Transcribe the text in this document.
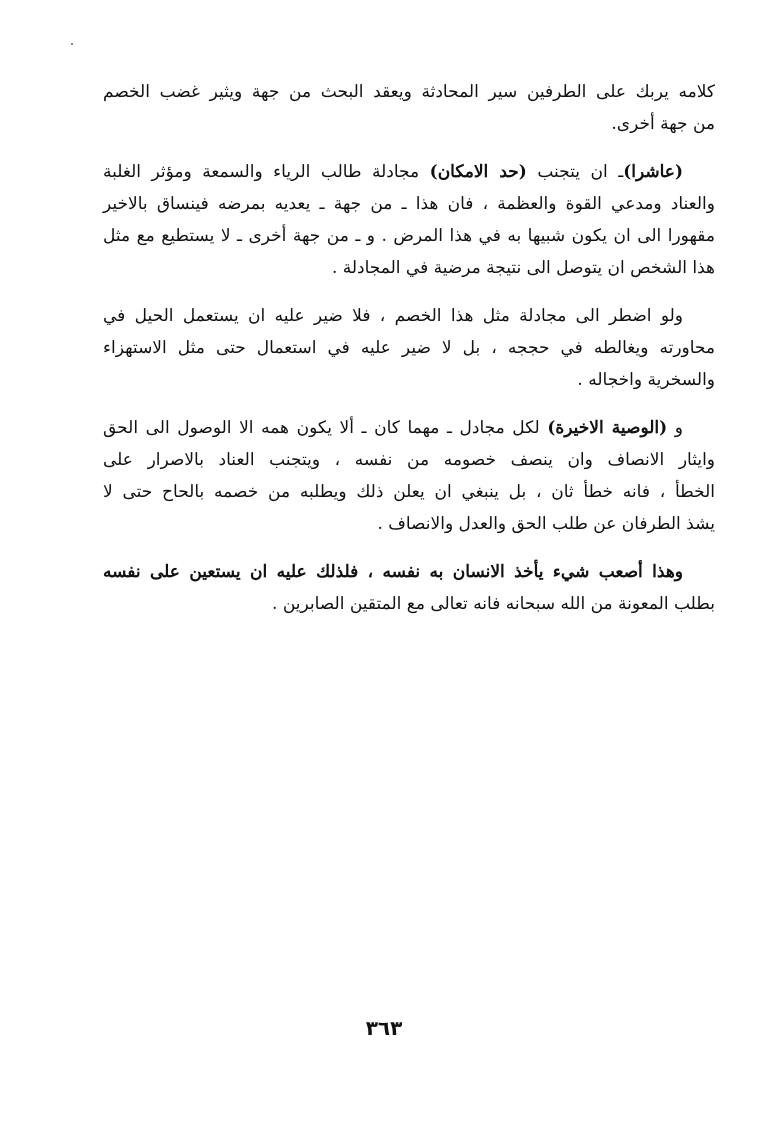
كلامه يربك على الطرفين سير المحادثة ويعقد البحث من جهة ويثير غضب الخصم
من جهة أخرى.

(عاشرا)ـ ان يتجنب (حد الامكان) مجادلة طالب الرياء والسمعة ومؤثر الغلبة
والعناد ومدعي القوة والعظمة ، فان هذا ـ من جهة ـ يعديه بمرضه فينساق بالاخير
مقهورا الى ان يكون شبيها به في هذا المرض . و ـ من جهة أخرى ـ لا يستطيع مع مثل
هذا الشخص ان يتوصل الى نتيجة مرضية في المجادلة .

ولو اضطر الى مجادلة مثل هذا الخصم ، فلا ضير عليه ان يستعمل الحيل في
محاورته ويغالطه في حججه ، بل لا ضير عليه في استعمال حتى مثل الاستهزاء
والسخرية واخجاله .

و (الوصية الاخيرة) لكل مجادل ـ مهما كان ـ ألا يكون همه الا الوصول الى الحق
وايثار الانصاف وان ينصف خصومه من نفسه ، ويتجنب العناد بالاصرار على
الخطأ ، فانه خطأ ثان ، بل ينبغي ان يعلن ذلك ويطلبه من خصمه بالحاح حتى لا
يشذ الطرفان عن طلب الحق والعدل والانصاف .

وهذا أصعب شيء يأخذ الانسان به نفسه ، فلذلك عليه ان يستعين على نفسه
بطلب المعونة من الله سبحانه فانه تعالى مع المتقين الصابرين .

٣٦٣
